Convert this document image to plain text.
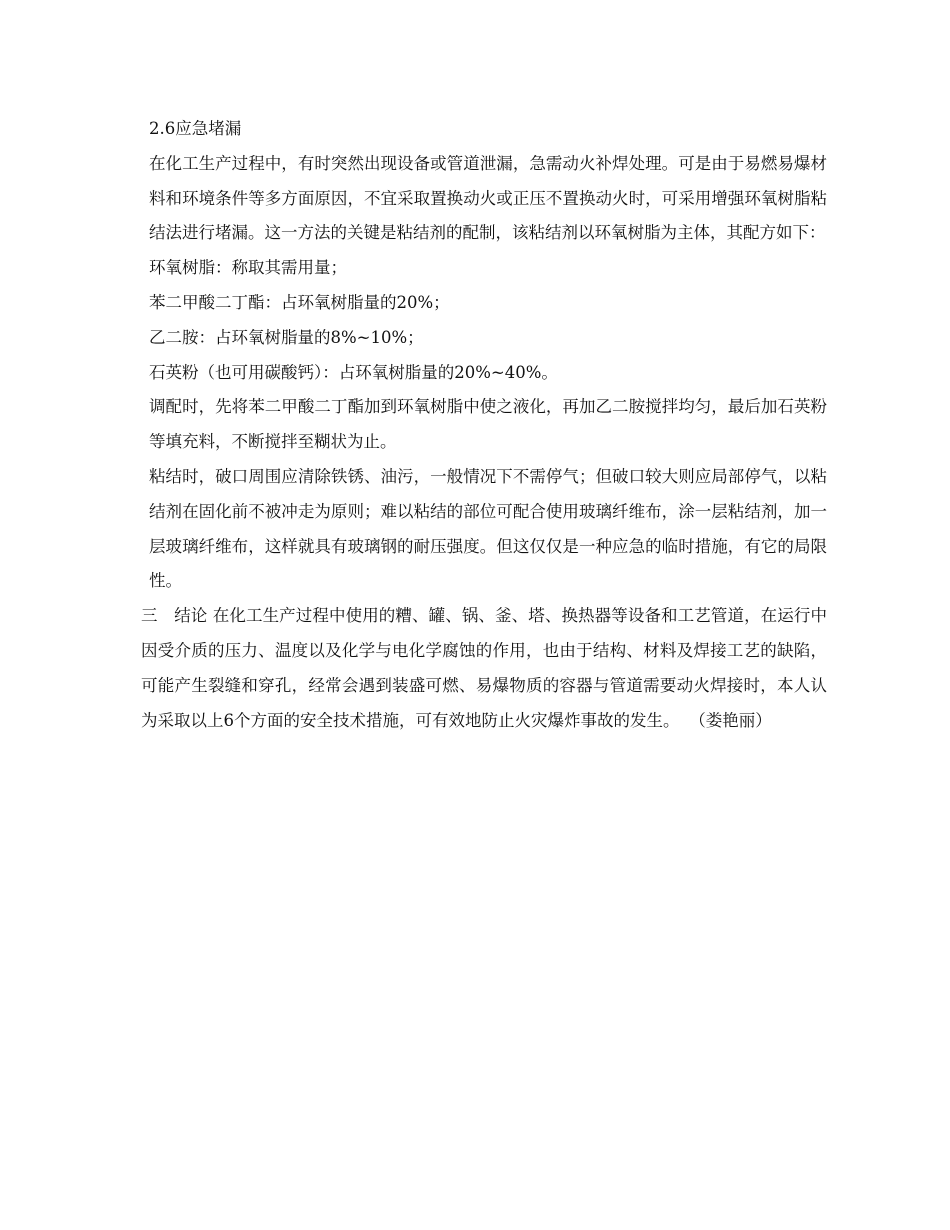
2.6应急堵漏

在化工生产过程中，有时突然出现设备或管道泄漏，急需动火补焊处理。可是由于易燃易爆材料和环境条件等多方面原因，不宜采取置换动火或正压不置换动火时，可采用增强环氧树脂粘结法进行堵漏。这一方法的关键是粘结剂的配制，该粘结剂以环氧树脂为主体，其配方如下：

环氧树脂：称取其需用量；

苯二甲酸二丁酯：占环氧树脂量的20%；

乙二胺：占环氧树脂量的8%~10%；

石英粉（也可用碳酸钙）：占环氧树脂量的20%~40%。

调配时，先将苯二甲酸二丁酯加到环氧树脂中使之液化，再加乙二胺搅拌均匀，最后加石英粉等填充料，不断搅拌至糊状为止。

粘结时，破口周围应清除铁锈、油污，一般情况下不需停气；但破口较大则应局部停气，以粘结剂在固化前不被冲走为原则；难以粘结的部位可配合使用玻璃纤维布，涂一层粘结剂，加一层玻璃纤维布，这样就具有玻璃钢的耐压强度。但这仅仅是一种应急的临时措施，有它的局限性。

三　结论 在化工生产过程中使用的糟、罐、锅、釜、塔、换热器等设备和工艺管道，在运行中因受介质的压力、温度以及化学与电化学腐蚀的作用，也由于结构、材料及焊接工艺的缺陷，可能产生裂缝和穿孔，经常会遇到装盛可燃、易爆物质的容器与管道需要动火焊接时，本人认为采取以上6个方面的安全技术措施，可有效地防止火灾爆炸事故的发生。 （娄艳丽）
